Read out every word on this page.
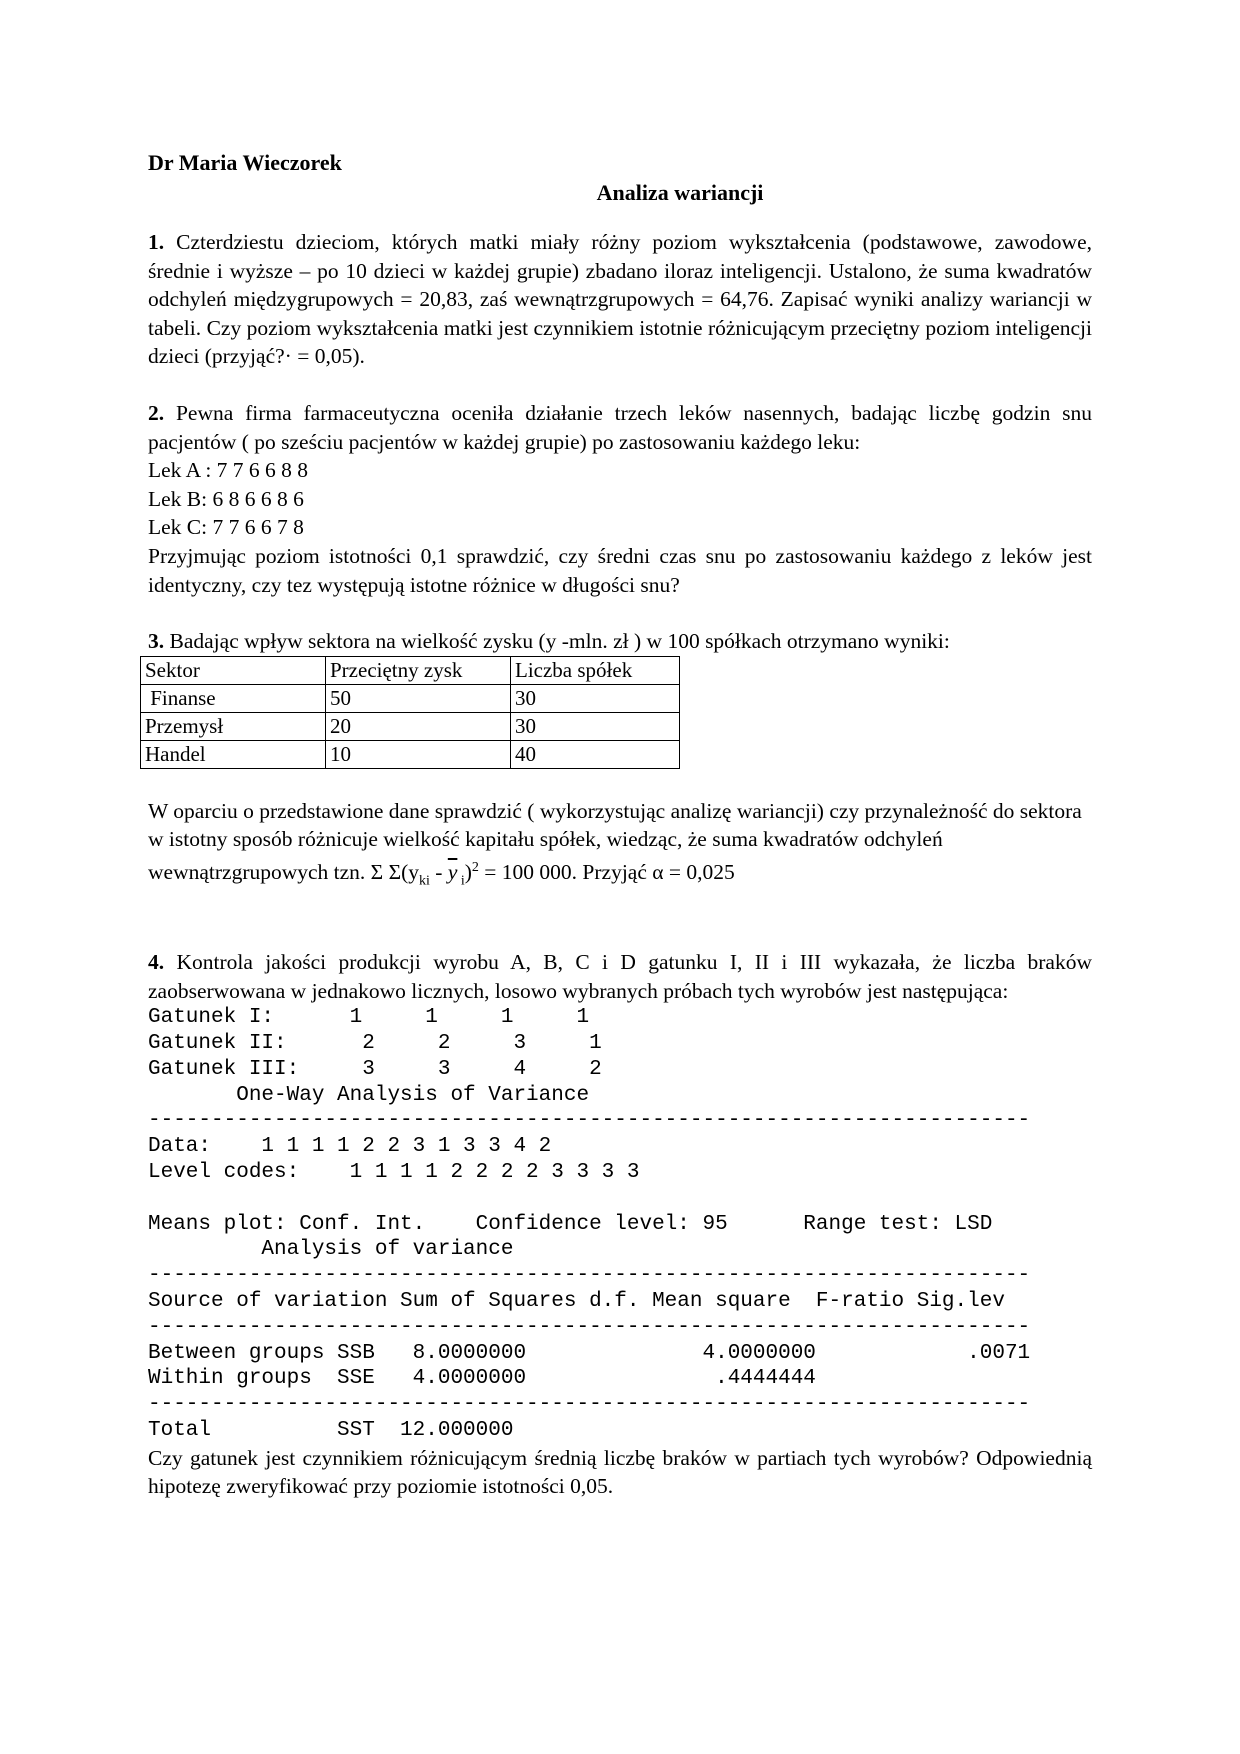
Dr Maria Wieczorek
Analiza wariancji

1. Czterdziestu dzieciom, których matki miały różny poziom wykształcenia (podstawowe, zawodowe, średnie i wyższe – po 10 dzieci w każdej grupie) zbadano iloraz inteligencji. Ustalono, że suma kwadratów odchyleń międzygrupowych = 20,83, zaś wewnątrzgrupowych = 64,76. Zapisać wyniki analizy wariancji w tabeli. Czy poziom wykształcenia matki jest czynnikiem istotnie różnicującym przeciętny poziom inteligencji dzieci (przyjąć?· = 0,05).

2. Pewna firma farmaceutyczna oceniła działanie trzech leków nasennych, badając liczbę godzin snu pacjentów ( po sześciu pacjentów w każdej grupie) po zastosowaniu każdego leku:

Lek A : 7 7 6 6 8 8

Lek B: 6 8 6 6 8 6

Lek C: 7 7 6 6 7 8

Przyjmując poziom istotności 0,1 sprawdzić, czy średni czas snu po zastosowaniu każdego z leków jest identyczny, czy tez występują istotne różnice w długości snu?

3. Badając wpływ sektora na wielkość zysku (y -mln. zł ) w 100 spółkach otrzymano wyniki:

Sektor	Przeciętny zysk	Liczba spółek
Finanse	50	30
Przemysł	20	30
Handel	10	40

W oparciu o przedstawione dane sprawdzić ( wykorzystując analizę wariancji) czy przynależność do sektora w istotny sposób różnicuje wielkość kapitału spółek, wiedząc, że suma kwadratów odchyleń wewnątrzgrupowych tzn. Σ $\Sigma(y_{ki} - \overline{y}$ $_i$)$^2$ = 100 000. Przyjąć α = 0,025

4. Kontrola jakości produkcji wyrobu A, B, C i D gatunku I, II i III wykazała, że liczba braków zaobserwowana w jednakowo licznych, losowo wybranych próbach tych wyrobów jest następująca:

Gatunek I:      1     1     1     1
Gatunek II:      2     2     3     1
Gatunek III:     3     3     4     2
One-Way Analysis of Variance
----------------------------------------------------------------------
Data:    1 1 1 1 2 2 3 1 3 3 4 2
Level codes:    1 1 1 1 2 2 2 2 3 3 3 3

Means plot: Conf. Int.    Confidence level: 95      Range test: LSD
Analysis of variance
----------------------------------------------------------------------
Source of variation Sum of Squares d.f. Mean square  F-ratio Sig.lev
----------------------------------------------------------------------
Between groups SSB   8.0000000              4.0000000            .0071
Within groups  SSE   4.0000000               .4444444
----------------------------------------------------------------------
Total          SST  12.000000

Czy gatunek jest czynnikiem różnicującym średnią liczbę braków w partiach tych wyrobów? Odpowiednią hipotezę zweryfikować przy poziomie istotności 0,05.
